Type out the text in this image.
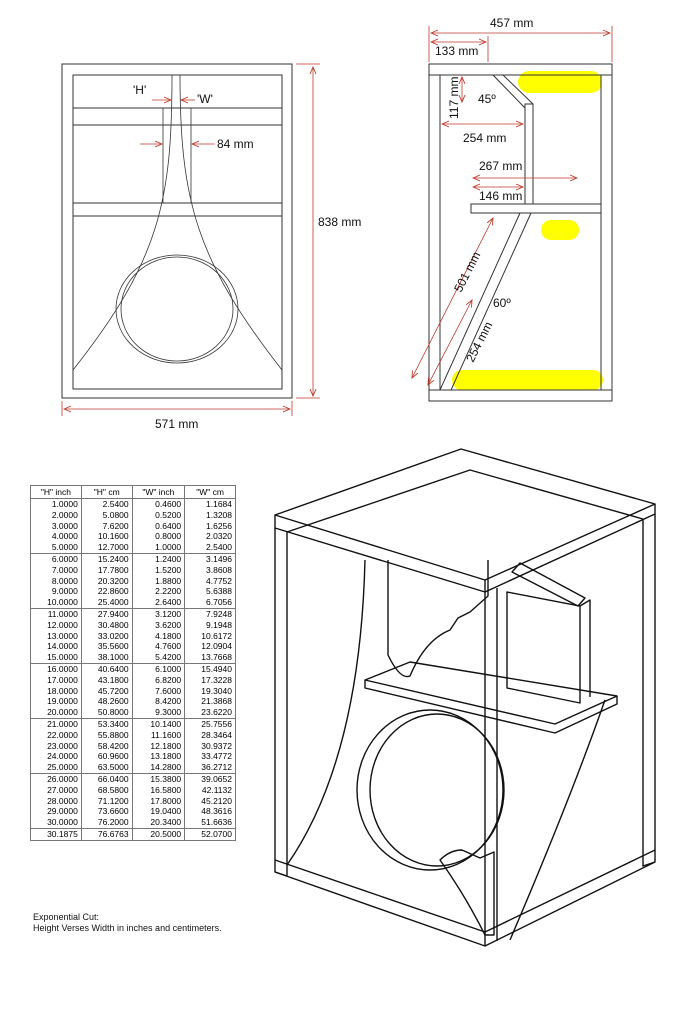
'H'
'W'
84 mm
838 mm
571 mm
457 mm
133 mm
117 mm 45º
254 mm
267 mm
146 mm
501 mm
60º
254 mm
"H" inch	"H" cm	"W" inch	"W" cm
1.0000	2.5400	0.4600	1.1684
2.0000	5.0800	0.5200	1.3208
3.0000	7.6200	0.6400	1.6256
4.0000	10.1600	0.8000	2.0320
5.0000	12.7000	1.0000	2.5400
6.0000	15.2400	1.2400	3.1496
7.0000	17.7800	1.5200	3.8608
8.0000	20.3200	1.8800	4.7752
9.0000	22.8600	2.2200	5.6388
10.0000	25.4000	2.6400	6.7056
11.0000	27.9400	3.1200	7.9248
12.0000	30.4800	3.6200	9.1948
13.0000	33.0200	4.1800	10.6172
14.0000	35.5600	4.7600	12.0904
15.0000	38.1000	5.4200	13.7668
16.0000	40.6400	6.1000	15.4940
17.0000	43.1800	6.8200	17.3228
18.0000	45.7200	7.6000	19.3040
19.0000	48.2600	8.4200	21.3868
20.0000	50.8000	9.3000	23.6220
21.0000	53.3400	10.1400	25.7556
22.0000	55.8800	11.1600	28.3464
23.0000	58.4200	12.1800	30.9372
24.0000	60.9600	13.1800	33.4772
25.0000	63.5000	14.2800	36.2712
26.0000	66.0400	15.3800	39.0652
27.0000	68.5800	16.5800	42.1132
28.0000	71.1200	17.8000	45.2120
29.0000	73.6600	19.0400	48.3616
30.0000	76.2000	20.3400	51.6636
30.1875	76.6763	20.5000	52.0700
Exponential Cut:
Height Verses Width in inches and centimeters.
